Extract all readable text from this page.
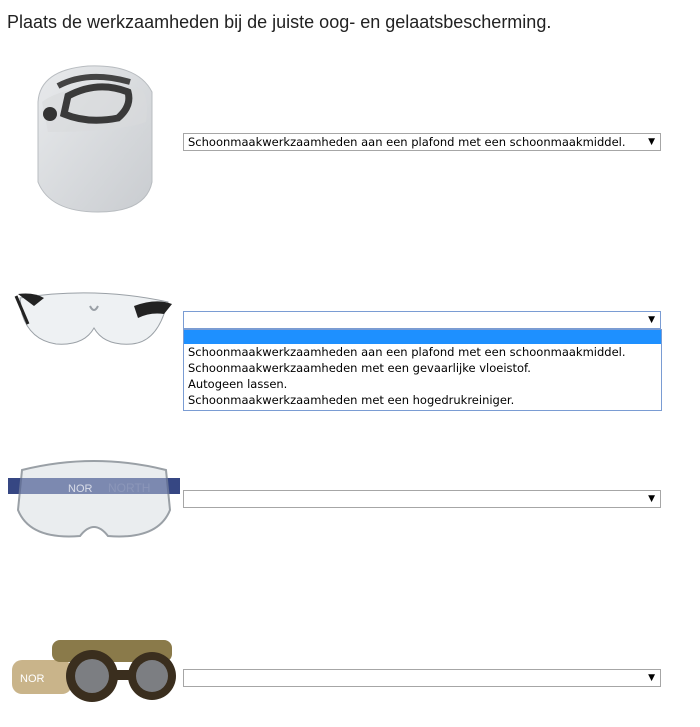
Plaats de werkzaamheden bij de juiste oog- en gelaatsbescherming.
NOR
NOR
Schoonmaakwerkzaamheden aan een plafond met een schoonmaakmiddel.	▼
▼
Schoonmaakwerkzaamheden aan een plafond met een schoonmaakmiddel.
Schoonmaakwerkzaamheden met een gevaarlijke vloeistof.
Autogeen lassen.
Schoonmaakwerkzaamheden met een hogedrukreiniger.
▼
▼
